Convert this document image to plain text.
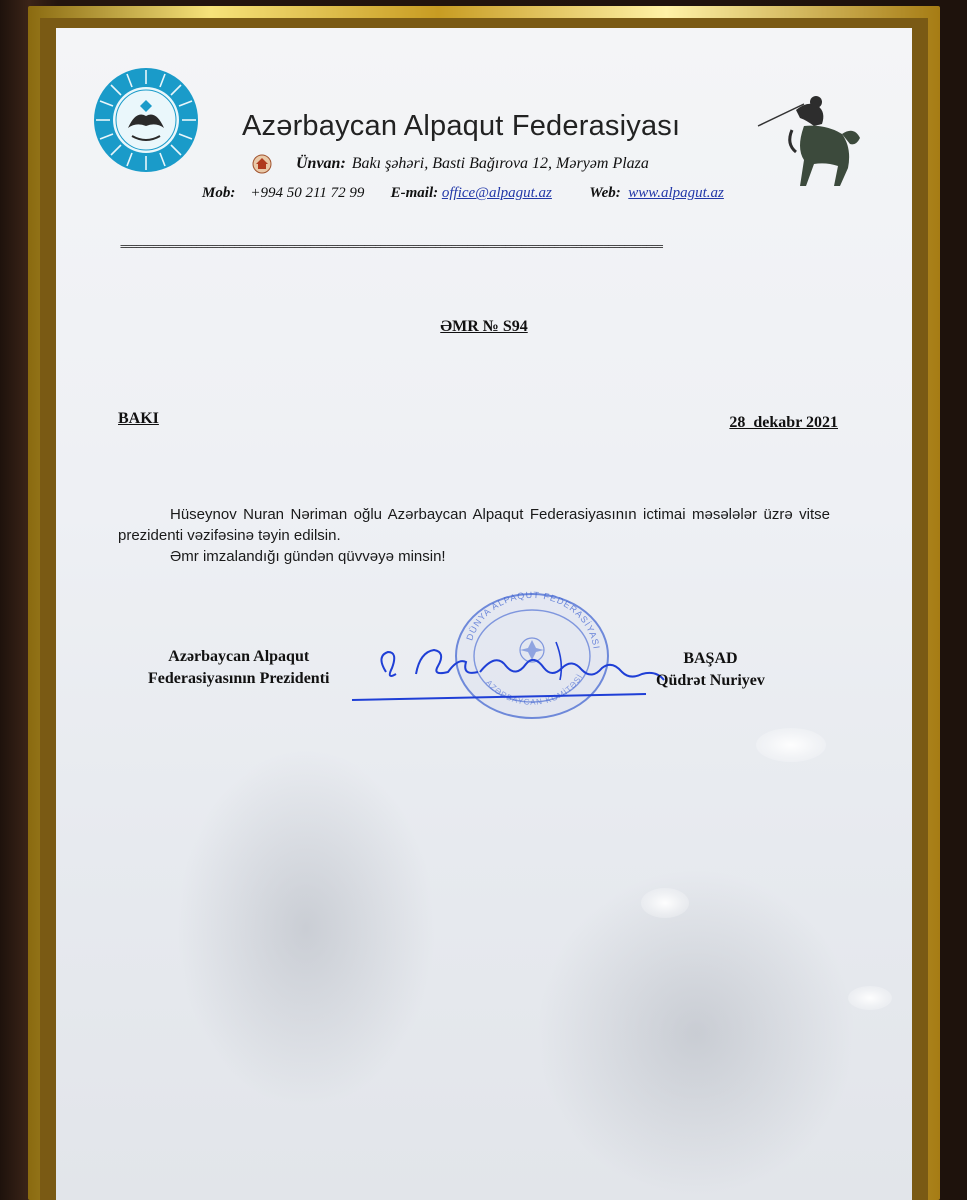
Azərbaycan Alpaqut Federasiyası
Ünvan: Bakı şəhəri, Basti Bağırova 12, Məryəm Plaza
Mob: +994 50 211 72 99 E-mail: office@alpagut.az	Web: www.alpagut.az
====================================================================================================
ƏMR № S94
BAKI	28  dekabr 2021

Hüseynov Nuran Nəriman oğlu Azərbaycan Alpaqut Federasiyasının ictimai məsələlər üzrə vitse prezidenti vəzifəsinə təyin edilsin.

Əmr imzalandığı gündən qüvvəyə minsin!

DÜNYA ALPAQUT FEDERASİYASI
AZƏRBAYCAN KOMİTƏSİ
Azərbaycan Alpaqut
Federasiyasının Prezidenti
BAŞAD
Qüdrət Nuriyev
